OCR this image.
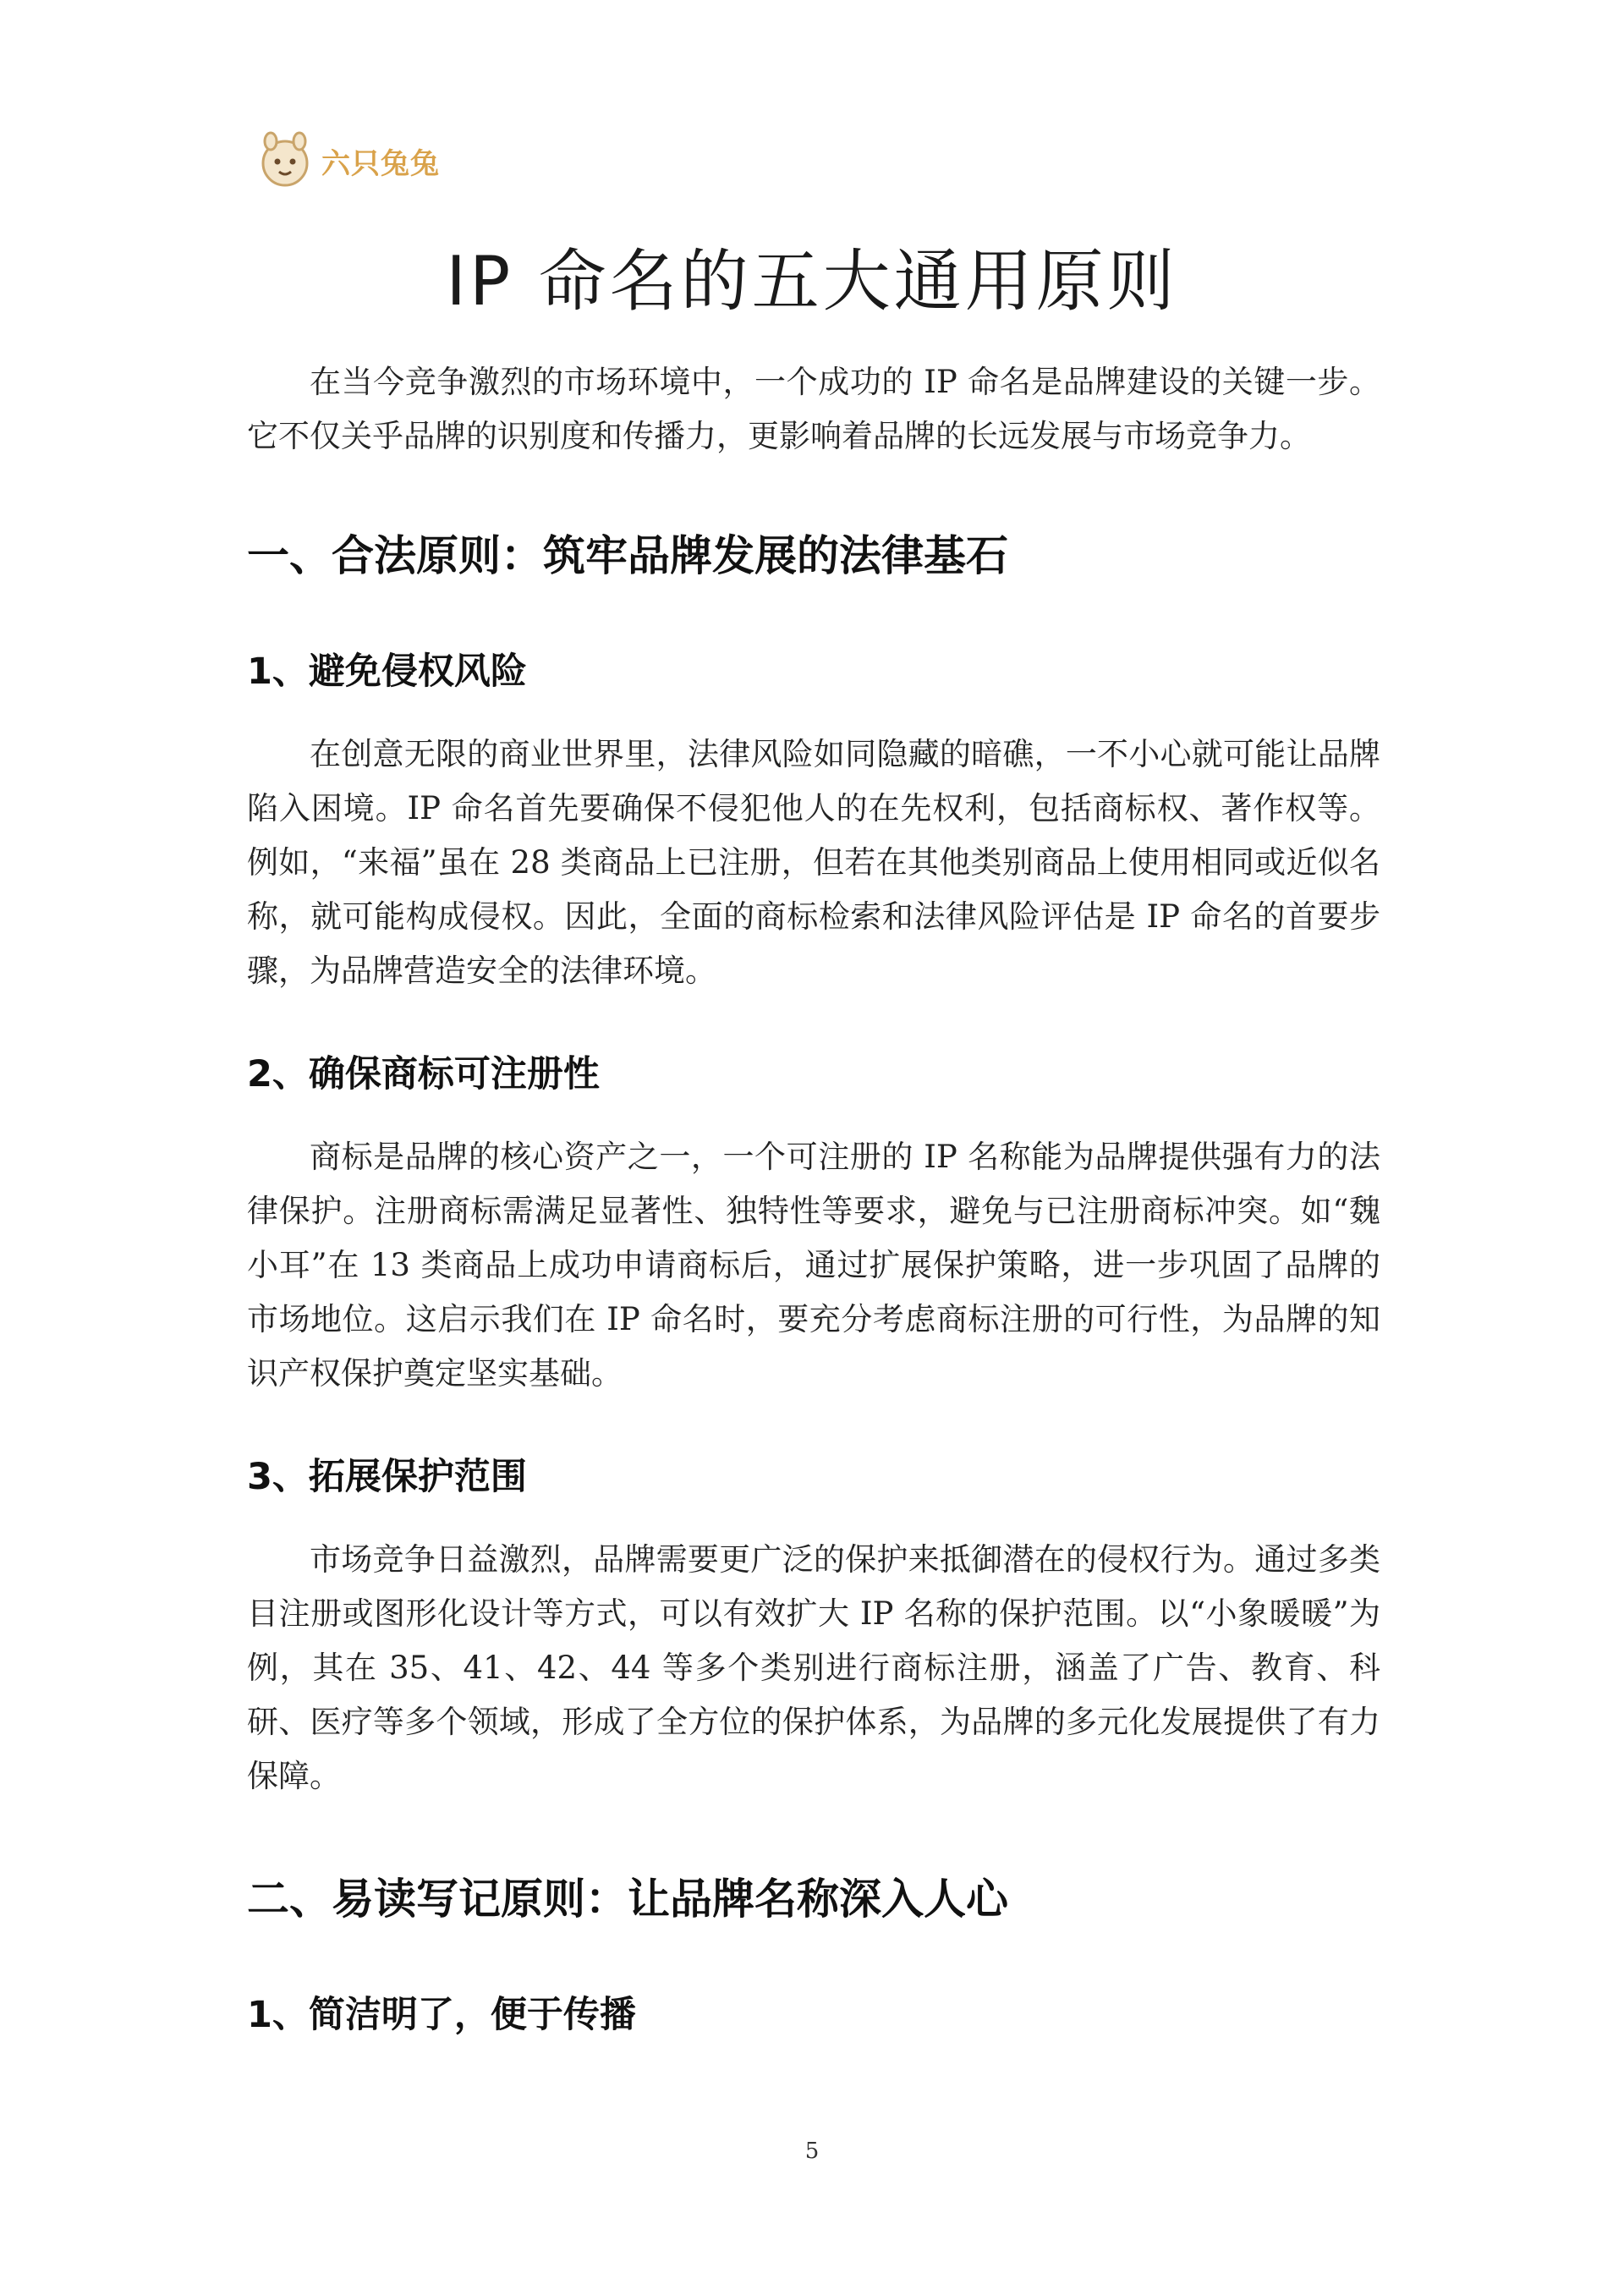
六只兔兔
IP 命名的五大通用原则

在当今竞争激烈的市场环境中，一个成功的 IP 命名是品牌建设的关键一步。它不仅关乎品牌的识别度和传播力，更影响着品牌的长远发展与市场竞争力。

一、合法原则：筑牢品牌发展的法律基石
1、避免侵权风险

在创意无限的商业世界里，法律风险如同隐藏的暗礁，一不小心就可能让品牌陷入困境。IP 命名首先要确保不侵犯他人的在先权利，包括商标权、著作权等。例如，“来福”虽在 28 类商品上已注册，但若在其他类别商品上使用相同或近似名称，就可能构成侵权。因此，全面的商标检索和法律风险评估是 IP 命名的首要步骤，为品牌营造安全的法律环境。

2、确保商标可注册性

商标是品牌的核心资产之一，一个可注册的 IP 名称能为品牌提供强有力的法律保护。注册商标需满足显著性、独特性等要求，避免与已注册商标冲突。如“魏小耳”在 13 类商品上成功申请商标后，通过扩展保护策略，进一步巩固了品牌的市场地位。这启示我们在 IP 命名时，要充分考虑商标注册的可行性，为品牌的知识产权保护奠定坚实基础。

3、拓展保护范围

市场竞争日益激烈，品牌需要更广泛的保护来抵御潜在的侵权行为。通过多类目注册或图形化设计等方式，可以有效扩大 IP 名称的保护范围。以“小象暖暖”为例，其在 35、41、42、44 等多个类别进行商标注册，涵盖了广告、教育、科研、医疗等多个领域，形成了全方位的保护体系，为品牌的多元化发展提供了有力保障。

二、易读写记原则：让品牌名称深入人心
1、简洁明了，便于传播
5
